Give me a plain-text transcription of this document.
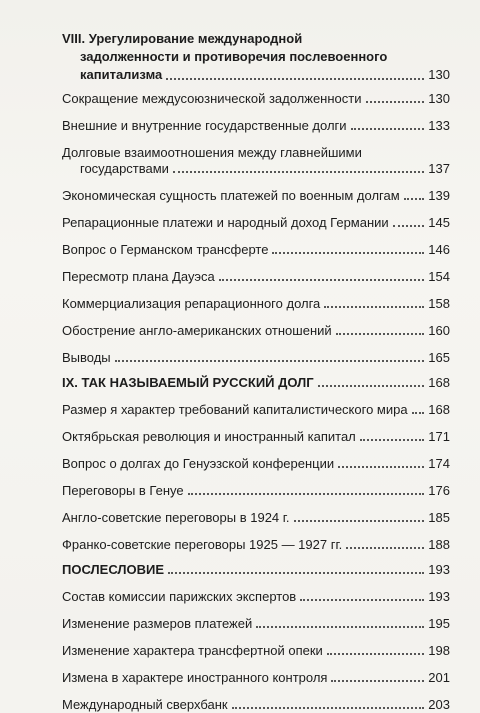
VIII. Урегулирование международной
задолженности и противоречия послевоенного
капитализма	130
Сокращение междусоюзнической задолженности	130
Внешние и внутренние государственные долги	133
Долговые взаимоотношения между главнейшими
государствами	137
Экономическая сущность платежей по военным долгам 139
Репарационные платежи и народный доход Германии	145
Вопрос о Германском трансферте	146
Пересмотр плана Дауэса	154
Коммерциализация репарационного долга	158
Обострение англо-американских отношений	160
Выводы	165
IX. ТАК НАЗЫВАЕМЫЙ РУССКИЙ ДОЛГ	168
Размер я характер требований капиталистического мира 168
Октябрьская революция и иностранный капитал	171
Вопрос о долгах до Генуэзской конференции	174
Переговоры в Генуе	176
Англо-советские переговоры в 1924 г.	185
Франко-советские переговоры 1925 — 1927 гг.	188
ПОСЛЕСЛОВИЕ	193
Состав комиссии парижских экспертов	193
Изменение размеров платежей	195
Изменение характера трансфертной опеки	198
Измена в характере иностранного контроля	201
Международный сверхбанк	203
